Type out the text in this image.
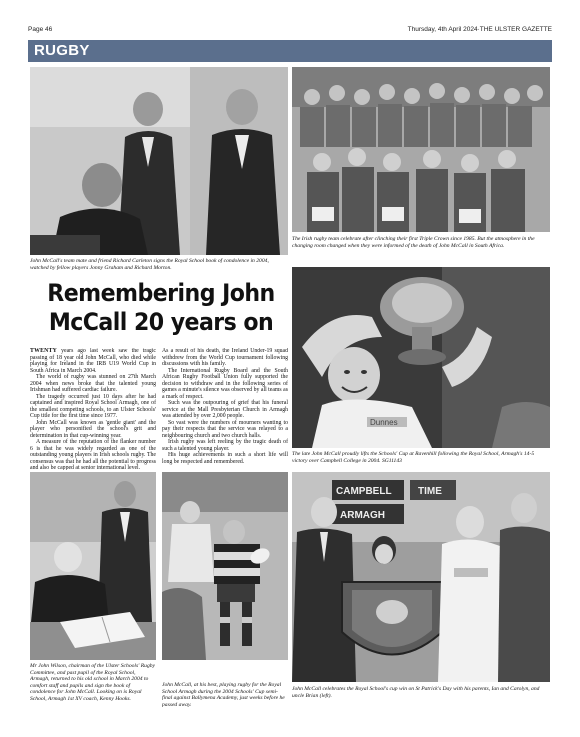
Page 46	Thursday, 4th April 2024·THE ULSTER GAZETTE
RUGBY
John McCall's team mate and friend Richard Carleton signs the Royal School book of condolence in 2004, watched by fellow players Jonny Graham and Richard Morton.
The Irish rugby team celebrate after clinching their first Triple Crown since 1985. But the atmosphere in the changing room changed when they were informed of the death of John McCall in South Africa.
Remembering John McCall 20 years on

TWENTY years ago last week saw the tragic passing of 18 year old John McCall, who died while playing for Ireland in the IRB U19 World Cup in South Africa in March 2004.

The world of rugby was stunned on 27th March 2004 when news broke that the talented young Irishman had suffered cardiac failure.

The tragedy occurred just 10 days after he had captained and inspired Royal School Armagh, one of the smallest competing schools, to an Ulster Schools' Cup title for the first time since 1977.

John McCall was known as 'gentle giant' and the player who personified the school's grit and determination in that cup-winning year.

A measure of the reputation of the flanker number 6 is that he was widely regarded as one of the outstanding young players in Irish schools rugby. The consensus was that he had all the potential to progress and also be capped at senior international level.

As a result of his death, the Ireland Under-19 squad withdrew from the World Cup tournament following discussions with his family.

The International Rugby Board and the South African Rugby Football Union fully supported the decision to withdraw and in the following series of games a minute's silence was observed by all teams as a mark of respect.

Such was the outpouring of grief that his funeral service at the Mall Presbyterian Church in Armagh was attended by over 2,000 people.

So vast were the numbers of mourners wanting to pay their respects that the service was relayed to a neighbouring church and two church halls.

Irish rugby was left reeling by the tragic death of such a talented young player.

His huge achievements in such a short life will long be respected and remembered.

Dunnes
The late John McCall proudly lifts the Schools' Cup at Ravenhill following the Royal School, Armagh's 14-5 victory over Campbell College in 2004. SG11143
Mr John Wilson, chairman of the Ulster Schools' Rugby Committee, and past pupil of the Royal School, Armagh, returned to his old school in March 2004 to comfort staff and pupils and sign the book of condolence for John McCall. Looking on is Royal School, Armagh 1st XV coach, Kenny Hooks.
John McCall, at his best, playing rugby for the Royal School Armagh during the 2004 Schools' Cup semi-final against Ballymena Academy, just weeks before he passed away.
CAMPBELL
ARMAGH
TIME
John McCall celebrates the Royal School's cup win on St Patrick's Day with his parents, Ian and Carolyn, and uncle Brian (left).
